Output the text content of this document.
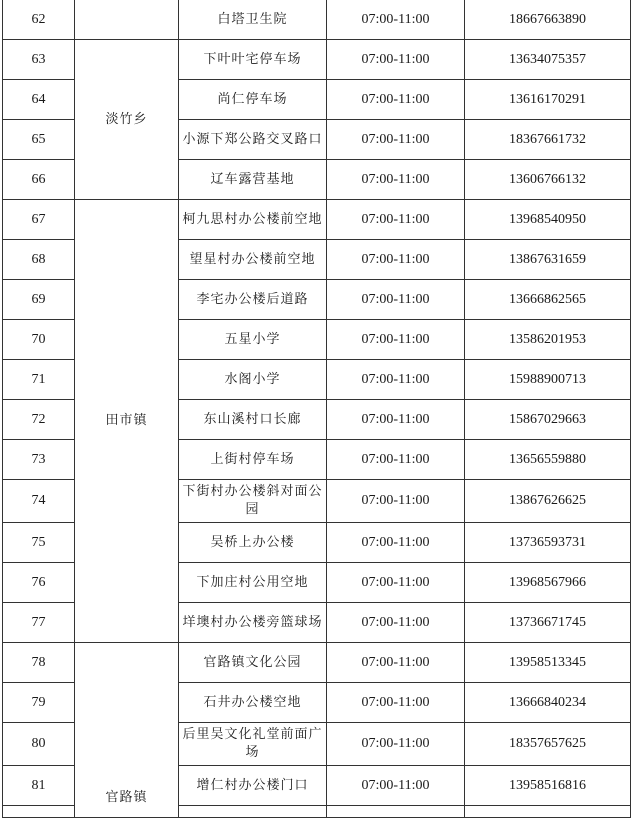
62		白塔卫生院	07:00-11:00	18667663890
63	淡竹乡	下叶叶宅停车场	07:00-11:00	13634075357
64		尚仁停车场	07:00-11:00	13616170291
65		小源下郑公路交叉路口	07:00-11:00	18367661732
66		辽车露营基地	07:00-11:00	13606766132
67	田市镇	柯九思村办公楼前空地	07:00-11:00	13968540950
68		望星村办公楼前空地	07:00-11:00	13867631659
69		李宅办公楼后道路	07:00-11:00	13666862565
70		五星小学	07:00-11:00	13586201953
71		水阁小学	07:00-11:00	15988900713
72		东山溪村口长廊	07:00-11:00	15867029663
73		上街村停车场	07:00-11:00	13656559880
74		下街村办公楼斜对面公园	07:00-11:00	13867626625
75		吴桥上办公楼	07:00-11:00	13736593731
76		下加庄村公用空地	07:00-11:00	13968567966
77		垟墺村办公楼旁篮球场	07:00-11:00	13736671745
78	官路镇	官路镇文化公园	07:00-11:00	13958513345
79		石井办公楼空地	07:00-11:00	13666840234
80		后里吴文化礼堂前面广场	07:00-11:00	18357657625
81		增仁村办公楼门口	07:00-11:00	13958516816
